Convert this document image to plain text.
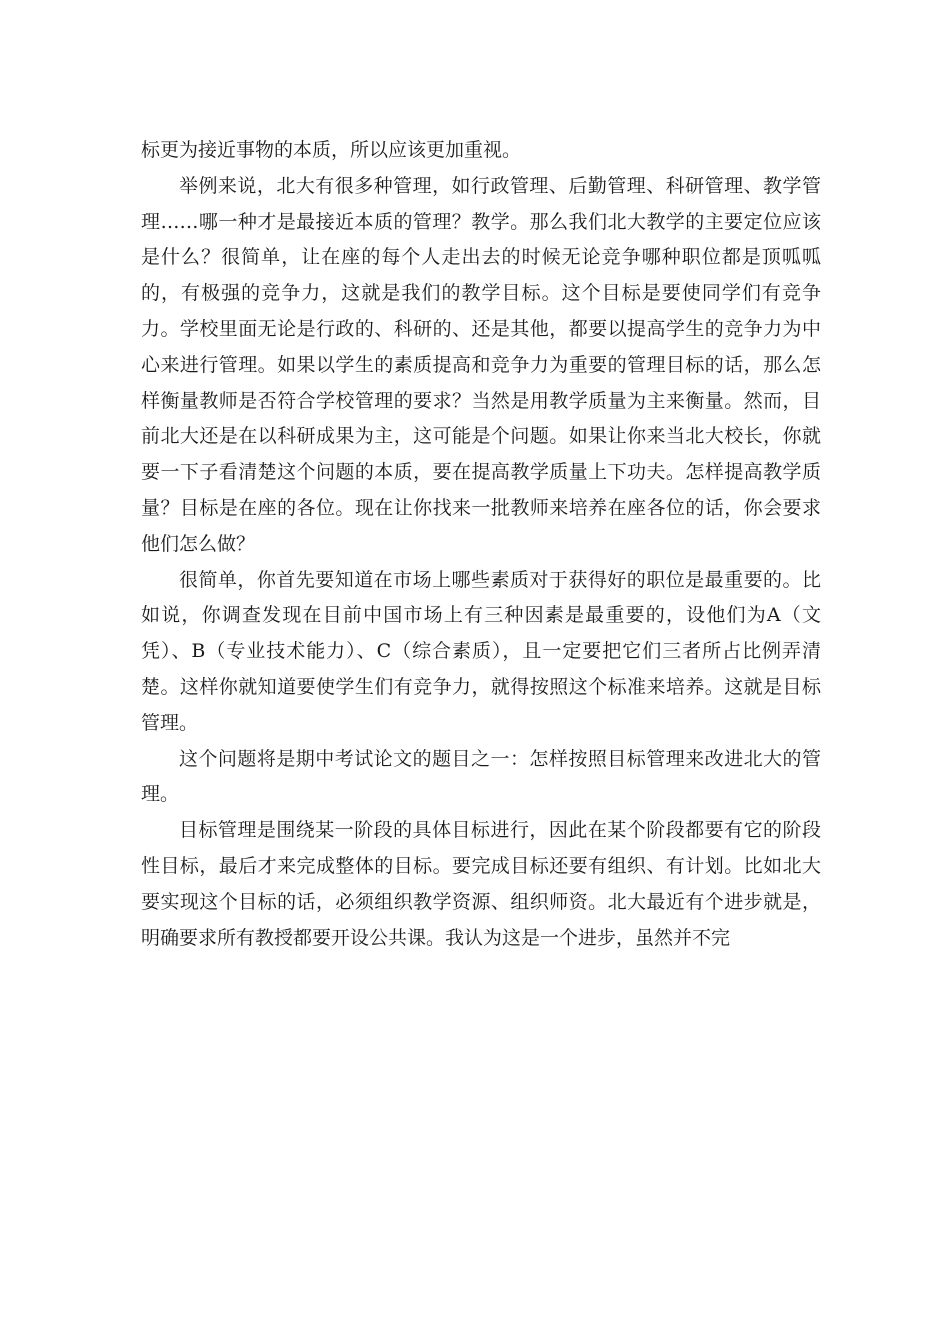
标更为接近事物的本质，所以应该更加重视。

举例来说，北大有很多种管理，如行政管理、后勤管理、科研管理、教学管理……哪一种才是最接近本质的管理？教学。那么我们北大教学的主要定位应该是什么？很简单，让在座的每个人走出去的时候无论竞争哪种职位都是顶呱呱的，有极强的竞争力，这就是我们的教学目标。这个目标是要使同学们有竞争力。学校里面无论是行政的、科研的、还是其他，都要以提高学生的竞争力为中心来进行管理。如果以学生的素质提高和竞争力为重要的管理目标的话，那么怎样衡量教师是否符合学校管理的要求？当然是用教学质量为主来衡量。然而，目前北大还是在以科研成果为主，这可能是个问题。如果让你来当北大校长，你就要一下子看清楚这个问题的本质，要在提高教学质量上下功夫。怎样提高教学质量？目标是在座的各位。现在让你找来一批教师来培养在座各位的话，你会要求他们怎么做？

很简单，你首先要知道在市场上哪些素质对于获得好的职位是最重要的。比如说，你调查发现在目前中国市场上有三种因素是最重要的，设他们为A（文凭）、B（专业技术能力）、C（综合素质），且一定要把它们三者所占比例弄清楚。这样你就知道要使学生们有竞争力，就得按照这个标准来培养。这就是目标管理。

这个问题将是期中考试论文的题目之一：怎样按照目标管理来改进北大的管理。

目标管理是围绕某一阶段的具体目标进行，因此在某个阶段都要有它的阶段性目标，最后才来完成整体的目标。要完成目标还要有组织、有计划。比如北大要实现这个目标的话，必须组织教学资源、组织师资。北大最近有个进步就是，明确要求所有教授都要开设公共课。我认为这是一个进步，虽然并不完
